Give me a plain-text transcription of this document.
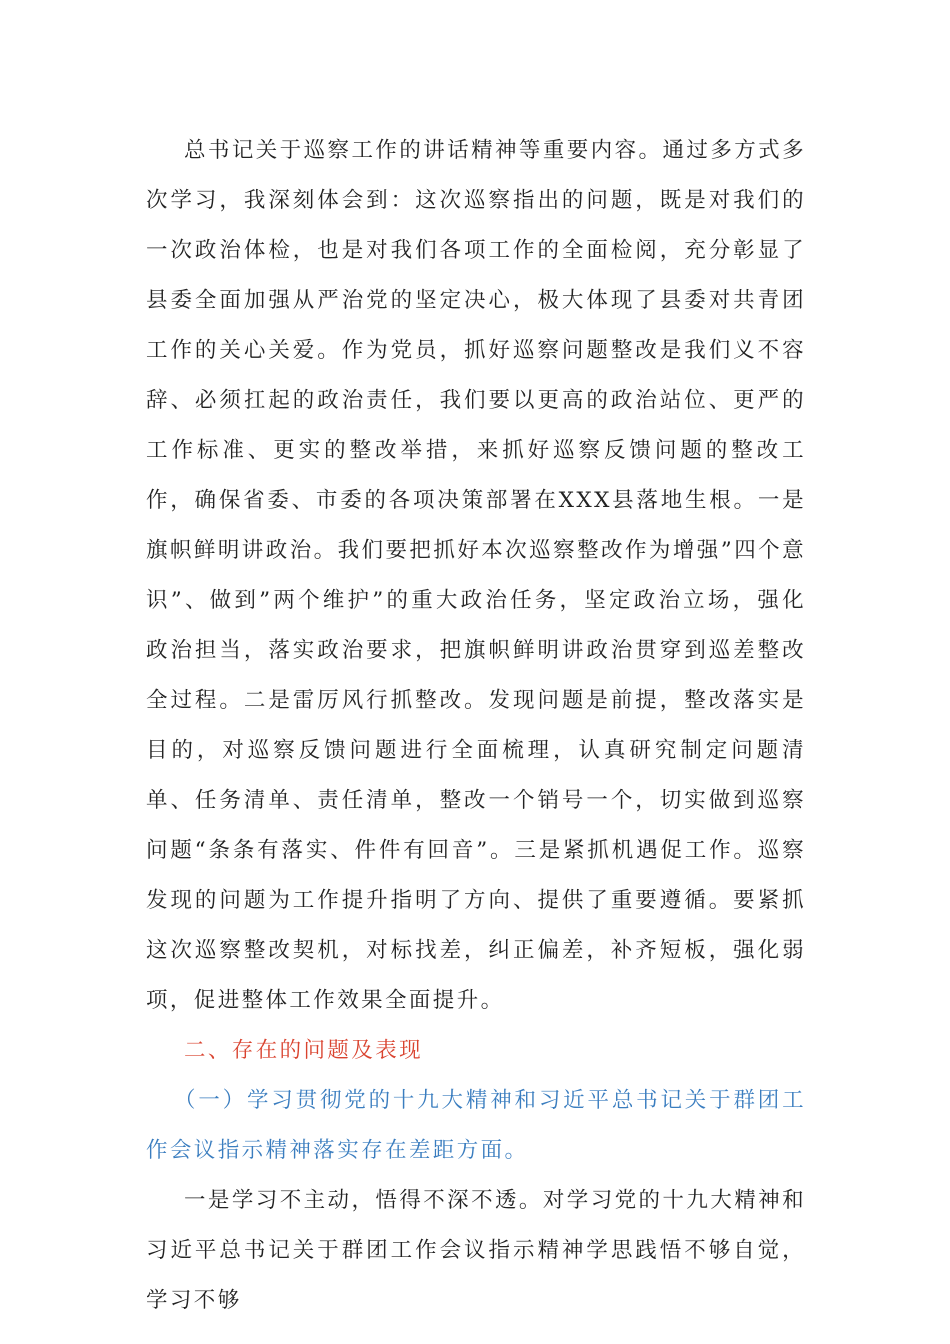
总书记关于巡察工作的讲话精神等重要内容。通过多方式多次学习，我深刻体会到：这次巡察指出的问题，既是对我们的一次政治体检，也是对我们各项工作的全面检阅，充分彰显了县委全面加强从严治党的坚定决心，极大体现了县委对共青团工作的关心关爱。作为党员，抓好巡察问题整改是我们义不容辞、必须扛起的政治责任，我们要以更高的政治站位、更严的工作标准、更实的整改举措，来抓好巡察反馈问题的整改工作，确保省委、市委的各项决策部署在XXX县落地生根。一是旗帜鲜明讲政治。我们要把抓好本次巡察整改作为增强”四个意识”、做到”两个维护”的重大政治任务，坚定政治立场，强化政治担当，落实政治要求，把旗帜鲜明讲政治贯穿到巡差整改全过程。二是雷厉风行抓整改。发现问题是前提，整改落实是目的，对巡察反馈问题进行全面梳理，认真研究制定问题清单、任务清单、责任清单，整改一个销号一个，切实做到巡察问题“条条有落实、件件有回音”。三是紧抓机遇促工作。巡察发现的问题为工作提升指明了方向、提供了重要遵循。要紧抓这次巡察整改契机，对标找差，纠正偏差，补齐短板，强化弱项，促进整体工作效果全面提升。

二、存在的问题及表现

（一）学习贯彻党的十九大精神和习近平总书记关于群团工作会议指示精神落实存在差距方面。

一是学习不主动，悟得不深不透。对学习党的十九大精神和习近平总书记关于群团工作会议指示精神学思践悟不够自觉，学习不够
